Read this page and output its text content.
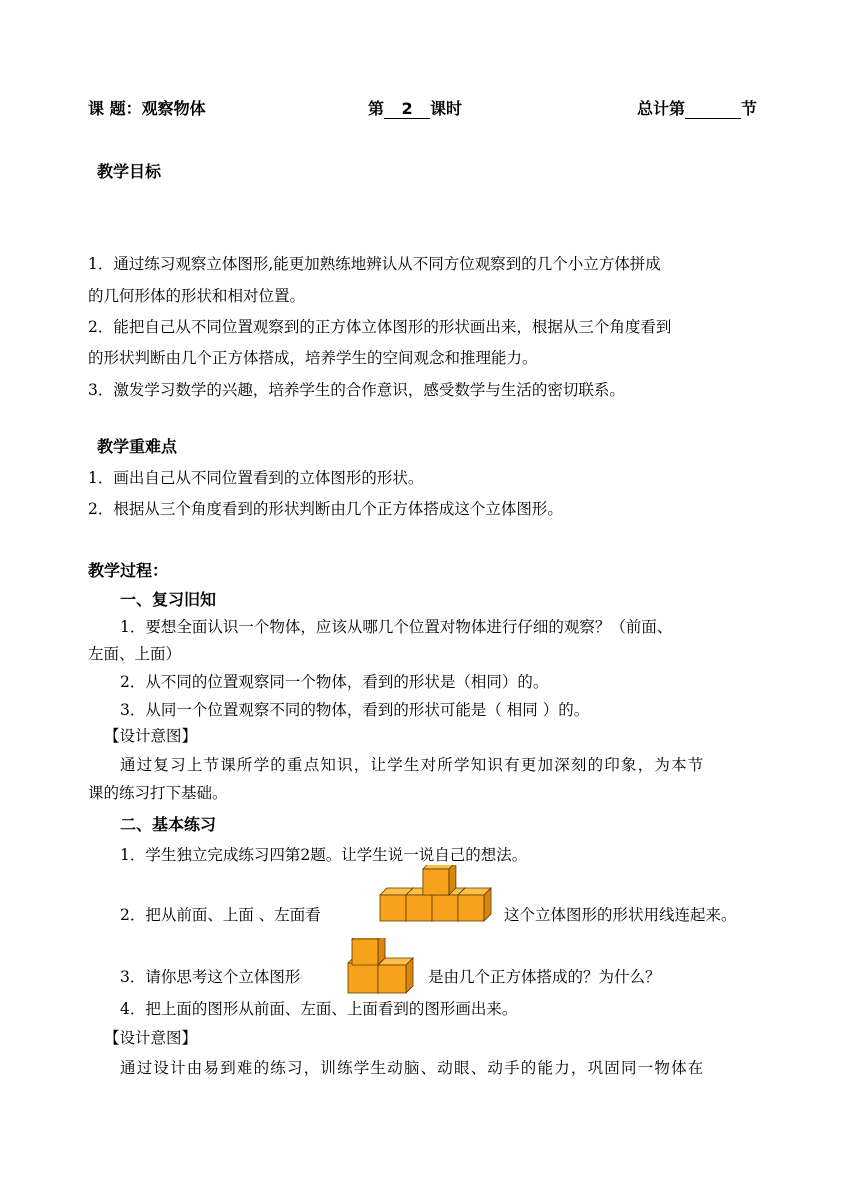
课 题：观察物体	第 2 课时	总计第	节
教学目标
1．通过练习观察立体图形,能更加熟练地辨认从不同方位观察到的几个小立方体拼成
的几何形体的形状和相对位置。
2．能把自己从不同位置观察到的正方体立体图形的形状画出来，根据从三个角度看到
的形状判断由几个正方体搭成，培养学生的空间观念和推理能力。
3．激发学习数学的兴趣，培养学生的合作意识，感受数学与生活的密切联系。
教学重难点
1．画出自己从不同位置看到的立体图形的形状。
2．根据从三个角度看到的形状判断由几个正方体搭成这个立体图形。
教学过程：
一、复习旧知
1．要想全面认识一个物体，应该从哪几个位置对物体进行仔细的观察？（前面、
左面、上面）
2．从不同的位置观察同一个物体，看到的形状是（相同）的。
3．从同一个位置观察不同的物体，看到的形状可能是（ 相同 ）的。
【设计意图】
通过复习上节课所学的重点知识，让学生对所学知识有更加深刻的印象，为本节
课的练习打下基础。
二、基本练习
1．学生独立完成练习四第2题。让学生说一说自己的想法。
2．把从前面、上面 、左面看	这个立体图形的形状用线连起来。
3．请你思考这个立体图形	是由几个正方体搭成的？为什么？
4．把上面的图形从前面、左面、上面看到的图形画出来。
【设计意图】
通过设计由易到难的练习，训练学生动脑、动眼、动手的能力，巩固同一物体在
